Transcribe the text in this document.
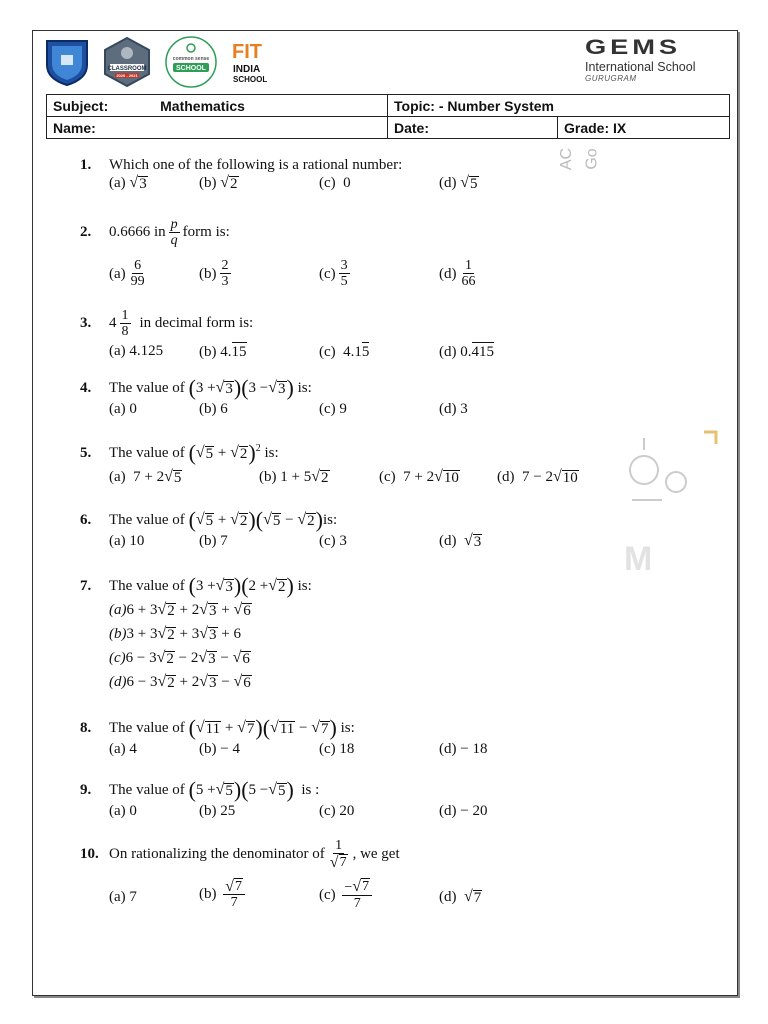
CLASSROOM
2020 - 2021
common sense
SCHOOL
FIT
INDIA
SCHOOL
GEMS
International School
GURUGRAM
Subject: Mathematics	Topic: - Number System	
Name:	Date:	Grade: IX
AC Go
M
1.	Which one of the following is a rational number:
(a)
√ 3	(b)
√ 2	(c)
0	(d)
√ 5
2.	0.6666 in $\frac{p}{q}$ form is:
$(a) \frac{6}{99}$	$(b) \frac{2}{3}$	$(c) \frac{3}{5}$	$(d) \frac{1}{66}$
3.	$4 \frac{1}{8}$ in decimal form is:
(a) 4.125 (b)
4. 15	(c)
4.1 5	(d)
0. 415
4.	The value of
( 3 + √ 3 )( 3 − √ 3 )
is:
(a) 0	(b) 6	(c) 9	(d) 3
5.	The value of
( √ 5
+
√ 2 )$^2$
is:
(a)
7 + 2 √ 5	(b)
1 + 5 √ 2	(c)
7 + 2 √ 10	(d)
7 − 2 √ 10
6.	The value of
( √ 5
+
√ 2 )( √ 5
−
√ 2 ) is:
(a) 10	(b) 7	(c) 3	(d)
√ 3
7.	The value of
( 3 + √ 3 )( 2 + √ 2 )
is:
(a) 6 + 3 √ 2
+ 2 √ 3
+
√ 6
(b) 3 + 3 √ 2
+ 3 √ 3
+ 6
(c) 6 − 3 √ 2
− 2 √ 3
−
√ 6
(d) 6 − 3 √ 2
+ 2 √ 3
−
√ 6
8.	The value of
( √ 11
+
√ 7 )( √ 11
−
√ 7 )
is:
(a) 4	(b) − 4	(c) 18	(d) − 18
9.	The value of
( 5 + √ 5 )( 5 − √ 5 )
is :
(a) 0	(b) 25	(c) 20	(d) − 20
10. On rationalizing the denominator of $\frac{1}{√ 7}$ , we get
(a) 7	(b)
$\frac{√ 7}{7}$	(c)
$\frac{- √ 7}{7}$	(d)
√ 7
